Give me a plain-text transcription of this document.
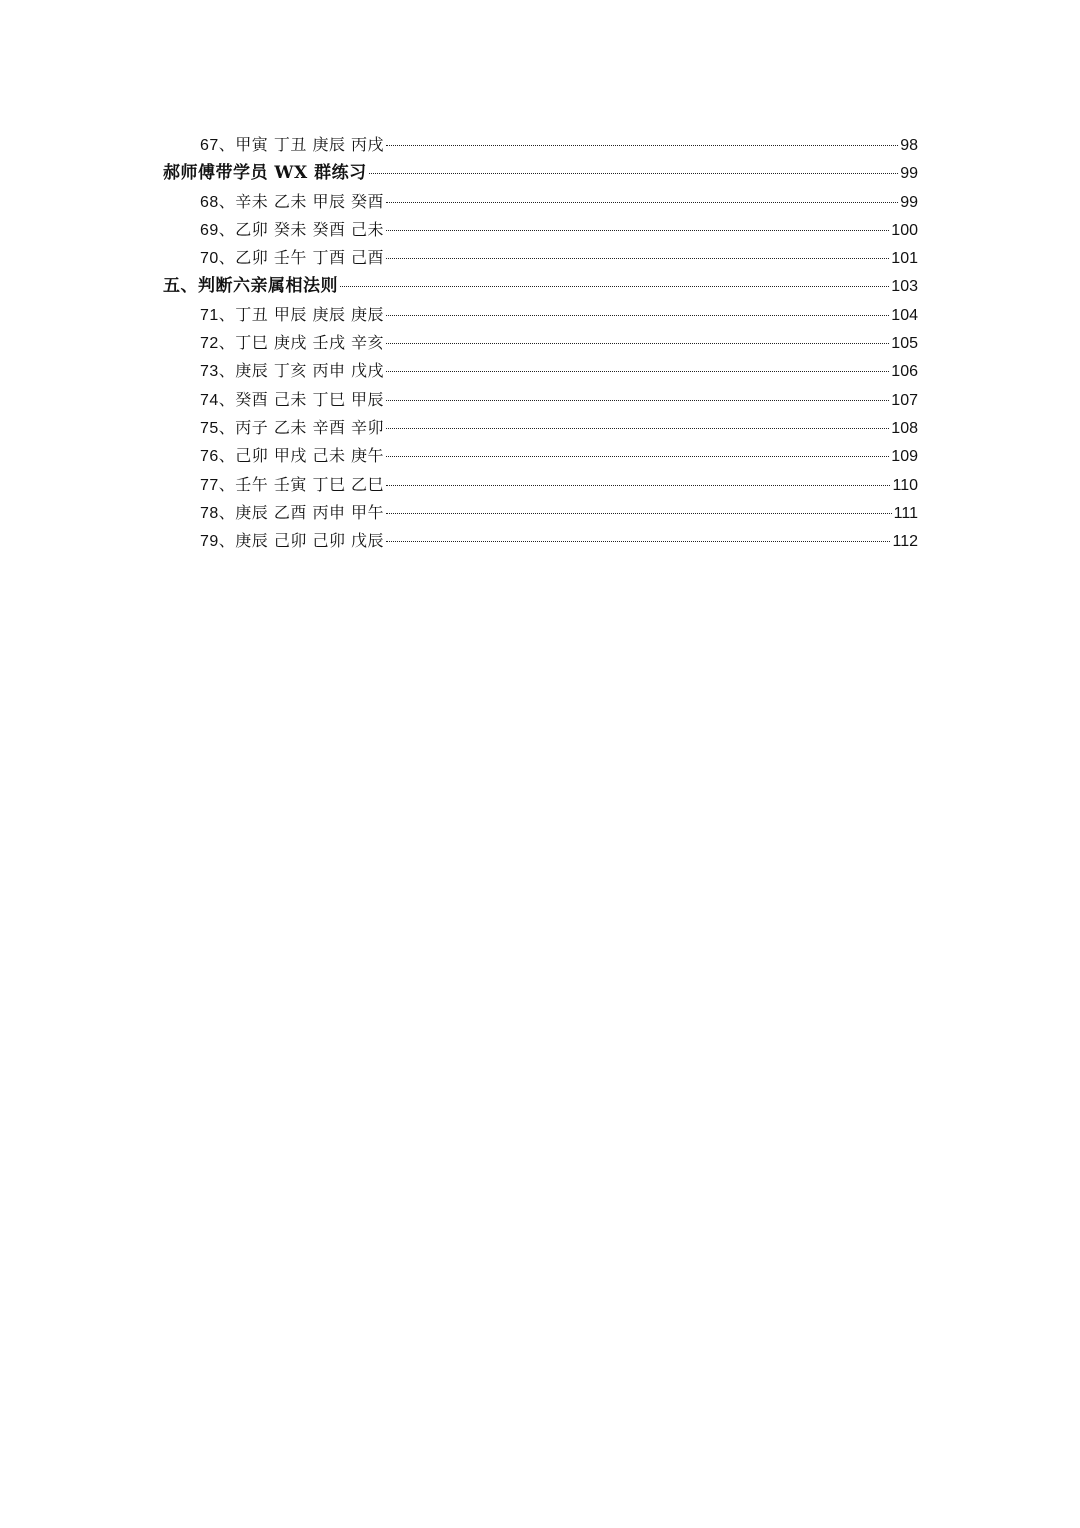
67、甲寅 丁丑 庚辰 丙戌	98
郝师傅带学员 WX 群练习	99
68、辛未 乙未 甲辰 癸酉	99
69、乙卯 癸未 癸酉 己未	100
70、乙卯 壬午 丁酉 己酉	101
五、判断六亲属相法则	103
71、丁丑 甲辰 庚辰 庚辰	104
72、丁巳 庚戌 壬戌 辛亥	105
73、庚辰 丁亥 丙申 戊戌	106
74、癸酉 己未 丁巳 甲辰	107
75、丙子 乙未 辛酉 辛卯	108
76、己卯 甲戌 己未 庚午	109
77、壬午 壬寅 丁巳 乙巳	110
78、庚辰 乙酉 丙申 甲午	111
79、庚辰 己卯 己卯 戊辰	112
